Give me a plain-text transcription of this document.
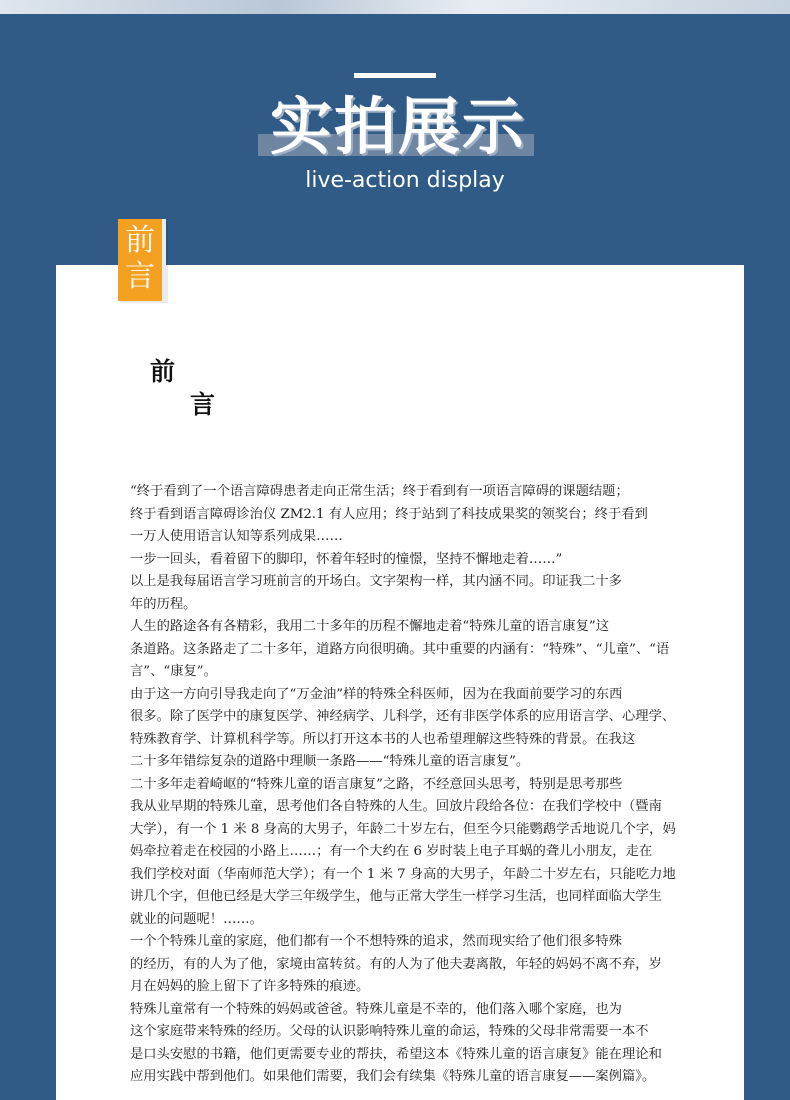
实拍展示
live-action display
前
言
前
言
“终于看到了一个语言障碍患者走向正常生活；终于看到有一项语言障碍的课题结题；
终于看到语言障碍诊治仪 ZM2.1 有人应用；终于站到了科技成果奖的领奖台；终于看到
一万人使用语言认知等系列成果……
一步一回头，看着留下的脚印，怀着年轻时的憧憬，坚持不懈地走着……”
以上是我每届语言学习班前言的开场白。文字架构一样，其内涵不同。印证我二十多
年的历程。
人生的路途各有各精彩，我用二十多年的历程不懈地走着“特殊儿童的语言康复”这
条道路。这条路走了二十多年，道路方向很明确。其中重要的内涵有：“特殊”、“儿童”、“语
言”、“康复”。
由于这一方向引导我走向了“万金油”样的特殊全科医师，因为在我面前要学习的东西
很多。除了医学中的康复医学、神经病学、儿科学，还有非医学体系的应用语言学、心理学、
特殊教育学、计算机科学等。所以打开这本书的人也希望理解这些特殊的背景。在我这
二十多年错综复杂的道路中理顺一条路——“特殊儿童的语言康复”。
二十多年走着崎岖的“特殊儿童的语言康复”之路，不经意回头思考，特别是思考那些
我从业早期的特殊儿童，思考他们各自特殊的人生。回放片段给各位：在我们学校中（暨南
大学），有一个 1 米 8 身高的大男子，年龄二十岁左右，但至今只能鹦鹉学舌地说几个字，妈
妈牵拉着走在校园的小路上……；有一个大约在 6 岁时装上电子耳蜗的聋儿小朋友，走在
我们学校对面（华南师范大学）；有一个 1 米 7 身高的大男子，年龄二十岁左右，只能吃力地
讲几个字，但他已经是大学三年级学生，他与正常大学生一样学习生活，也同样面临大学生
就业的问题呢！……。
一个个特殊儿童的家庭，他们都有一个不想特殊的追求，然而现实给了他们很多特殊
的经历，有的人为了他，家境由富转贫。有的人为了他夫妻离散，年轻的妈妈不离不弃，岁
月在妈妈的脸上留下了许多特殊的痕迹。
特殊儿童常有一个特殊的妈妈或爸爸。特殊儿童是不幸的，他们落入哪个家庭，也为
这个家庭带来特殊的经历。父母的认识影响特殊儿童的命运，特殊的父母非常需要一本不
是口头安慰的书籍，他们更需要专业的帮扶，希望这本《特殊儿童的语言康复》能在理论和
应用实践中帮到他们。如果他们需要，我们会有续集《特殊儿童的语言康复——案例篇》。
